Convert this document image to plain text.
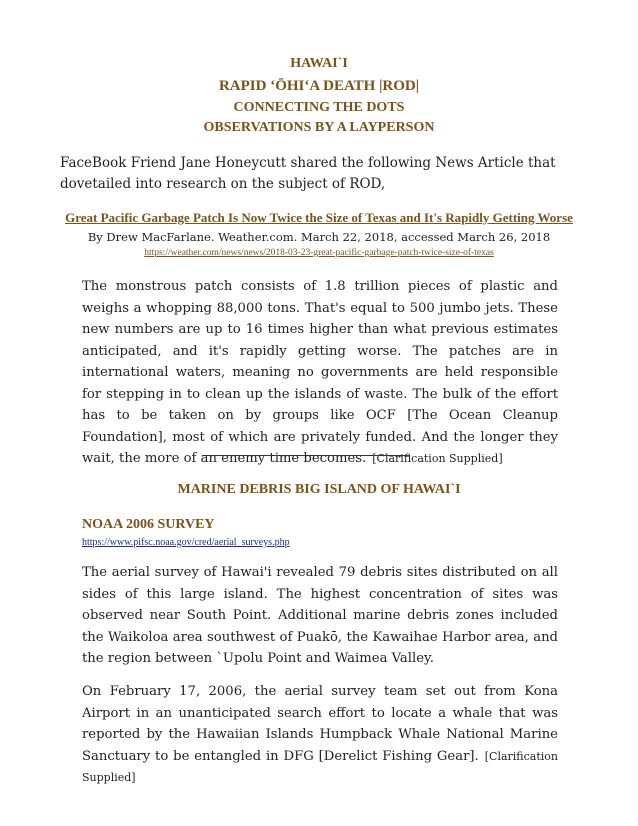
HAWAI`I
RAPID ʻŌHIʻA DEATH |ROD|
CONNECTING THE DOTS
OBSERVATIONS BY A LAYPERSON
FaceBook Friend Jane Honeycutt shared the following News Article that dovetailed into research on the subject of ROD,
Great Pacific Garbage Patch Is Now Twice the Size of Texas and It's Rapidly Getting Worse
By Drew MacFarlane. Weather.com. March 22, 2018, accessed March 26, 2018
https://weather.com/news/news/2018-03-23-great-pacific-garbage-patch-twice-size-of-texas
The monstrous patch consists of 1.8 trillion pieces of plastic and weighs a whopping 88,000 tons. That's equal to 500 jumbo jets. These new numbers are up to 16 times higher than what previous estimates anticipated, and it's rapidly getting worse. The patches are in international waters, meaning no governments are held responsible for stepping in to clean up the islands of waste. The bulk of the effort has to be taken on by groups like OCF [The Ocean Cleanup Foundation], most of which are privately funded. And the longer they wait, the more of an enemy time becomes. [Clarification Supplied]
MARINE DEBRIS BIG ISLAND OF HAWAI`I
NOAA 2006 SURVEY
https://www.pifsc.noaa.gov/cred/aerial_surveys.php
The aerial survey of Hawai'i revealed 79 debris sites distributed on all sides of this large island. The highest concentration of sites was observed near South Point. Additional marine debris zones included the Waikoloa area southwest of Puakō, the Kawaihae Harbor area, and the region between `Upolu Point and Waimea Valley.
On February 17, 2006, the aerial survey team set out from Kona Airport in an unanticipated search effort to locate a whale that was reported by the Hawaiian Islands Humpback Whale National Marine Sanctuary to be entangled in DFG [Derelict Fishing Gear]. [Clarification Supplied]
